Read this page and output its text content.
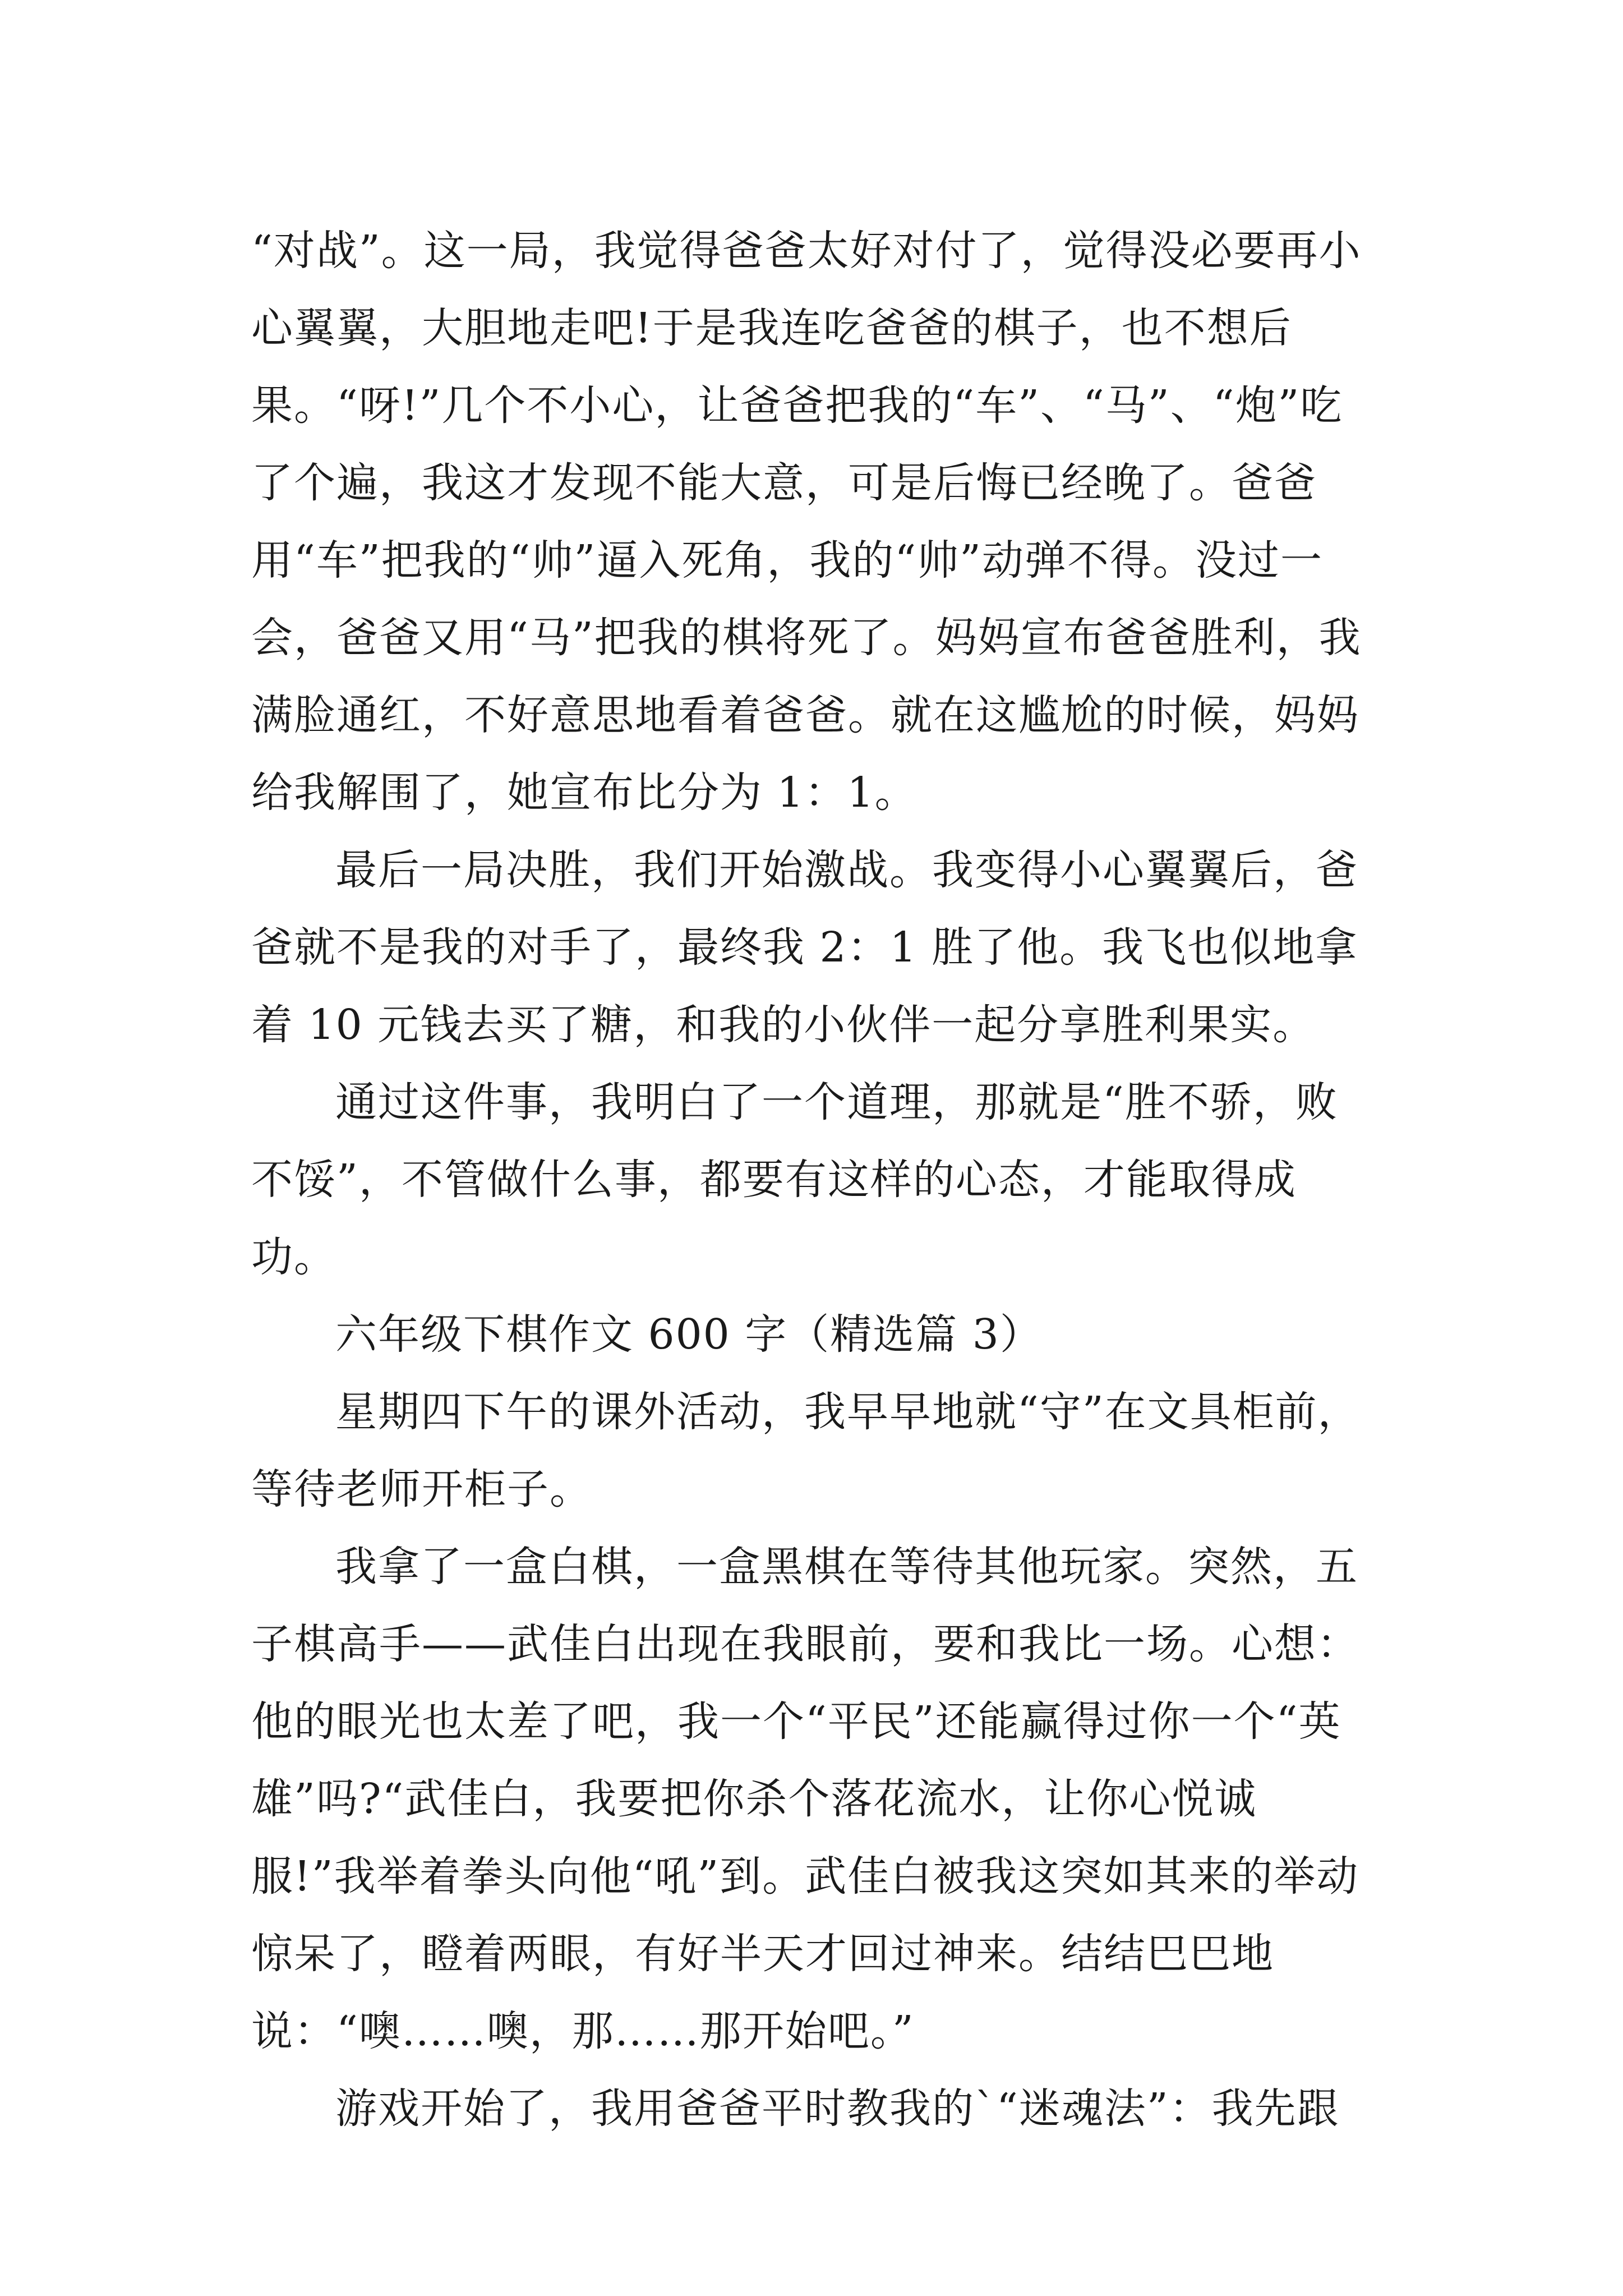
“对战”。这一局，我觉得爸爸太好对付了，觉得没必要再小心翼翼，大胆地走吧!于是我连吃爸爸的棋子，也不想后果。“呀!”几个不小心，让爸爸把我的“车”、“马”、“炮”吃了个遍，我这才发现不能大意，可是后悔已经晚了。爸爸用“车”把我的“帅”逼入死角，我的“帅”动弹不得。没过一会，爸爸又用“马”把我的棋将死了。妈妈宣布爸爸胜利，我满脸通红，不好意思地看着爸爸。就在这尴尬的时候，妈妈给我解围了，她宣布比分为 1：1。

最后一局决胜，我们开始激战。我变得小心翼翼后，爸爸就不是我的对手了，最终我 2：1 胜了他。我飞也似地拿着 10 元钱去买了糖，和我的小伙伴一起分享胜利果实。

通过这件事，我明白了一个道理，那就是“胜不骄，败不馁”，不管做什么事，都要有这样的心态，才能取得成功。

六年级下棋作文 600 字（精选篇 3）

星期四下午的课外活动，我早早地就“守”在文具柜前，等待老师开柜子。

我拿了一盒白棋，一盒黑棋在等待其他玩家。突然，五子棋高手——武佳白出现在我眼前，要和我比一场。心想：他的眼光也太差了吧，我一个“平民”还能赢得过你一个“英雄”吗?“武佳白，我要把你杀个落花流水，让你心悦诚服!”我举着拳头向他“吼”到。武佳白被我这突如其来的举动惊呆了，瞪着两眼，有好半天才回过神来。结结巴巴地说：“噢……噢，那……那开始吧。”

游戏开始了，我用爸爸平时教我的`“迷魂法”：我先跟
